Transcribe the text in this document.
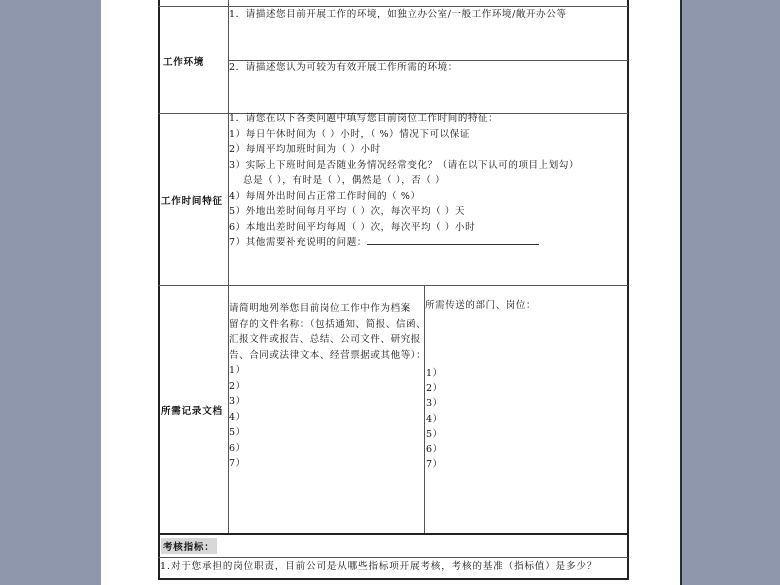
工作环境
1．请描述您目前开展工作的环境，如独立办公室/一般工作环境/敞开办公等
2．请描述您认为可较为有效开展工作所需的环境：
工作时间特征
1．请您在以下各类问题中填写您目前岗位工作时间的特征：
1）每日午休时间为（ ）小时，（ %）情况下可以保证
2）每周平均加班时间为（ ）小时
3）实际上下班时间是否随业务情况经常变化？（请在以下认可的项目上划勾）
总是（ ），有时是（ ），偶然是（ ），否（ ）
4）每周外出时间占正常工作时间的（ %）
5）外地出差时间每月平均（ ）次，每次平均（ ）天
6）本地出差时间平均每周（ ）次，每次平均（ ）小时
7）其他需要补充说明的问题：
所需记录文档
请简明地列举您目前岗位工作中作为档案
留存的文件名称：（包括通知、简报、信函、
汇报文件或报告、总结、公司文件、研究报
告、合同或法律文本、经营票据或其他等）：
1）
2）
3）
4）
5）
6）
7）
所需传送的部门、岗位：
1）
2）
3）
4）
5）
6）
7）
考核指标：
1.对于您承担的岗位职责，目前公司是从哪些指标项开展考核，考核的基准（指标值）是多少？
